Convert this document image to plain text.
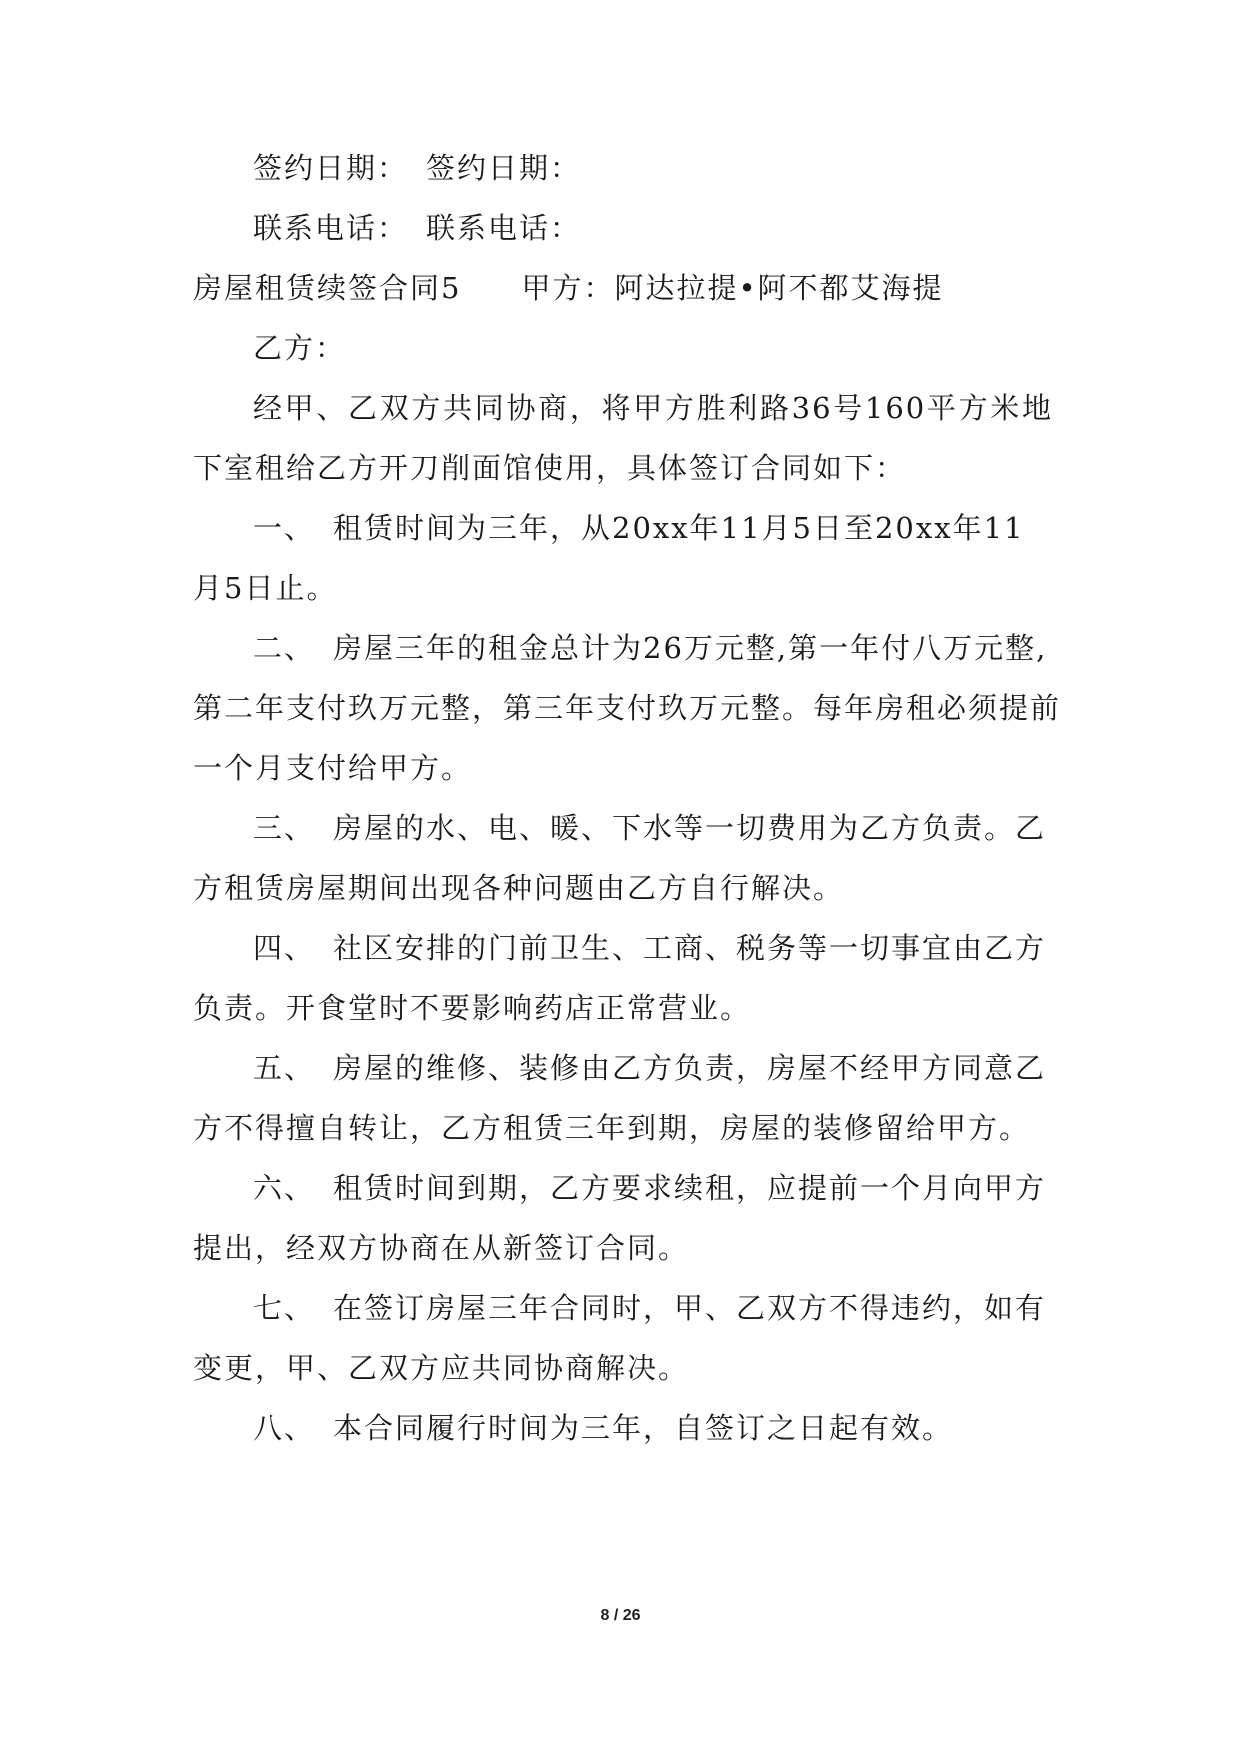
签约日期： 签约日期：
联系电话： 联系电话：
房屋租赁续签合同5 甲方：阿达拉提•阿不都艾海提
乙方：
经甲、乙双方共同协商，将甲方胜利路36号160平方米地
下室租给乙方开刀削面馆使用，具体签订合同如下：
一、 租赁时间为三年，从20xx年11月5日至20xx年11
月5日止。
二、 房屋三年的租金总计为26万元整,第一年付八万元整,
第二年支付玖万元整，第三年支付玖万元整。每年房租必须提前
一个月支付给甲方。
三、 房屋的水、电、暖、下水等一切费用为乙方负责。乙
方租赁房屋期间出现各种问题由乙方自行解决。
四、 社区安排的门前卫生、工商、税务等一切事宜由乙方
负责。开食堂时不要影响药店正常营业。
五、 房屋的维修、装修由乙方负责，房屋不经甲方同意乙
方不得擅自转让，乙方租赁三年到期，房屋的装修留给甲方。
六、 租赁时间到期，乙方要求续租，应提前一个月向甲方
提出，经双方协商在从新签订合同。
七、 在签订房屋三年合同时，甲、乙双方不得违约，如有
变更，甲、乙双方应共同协商解决。
八、 本合同履行时间为三年，自签订之日起有效。
8 / 26
